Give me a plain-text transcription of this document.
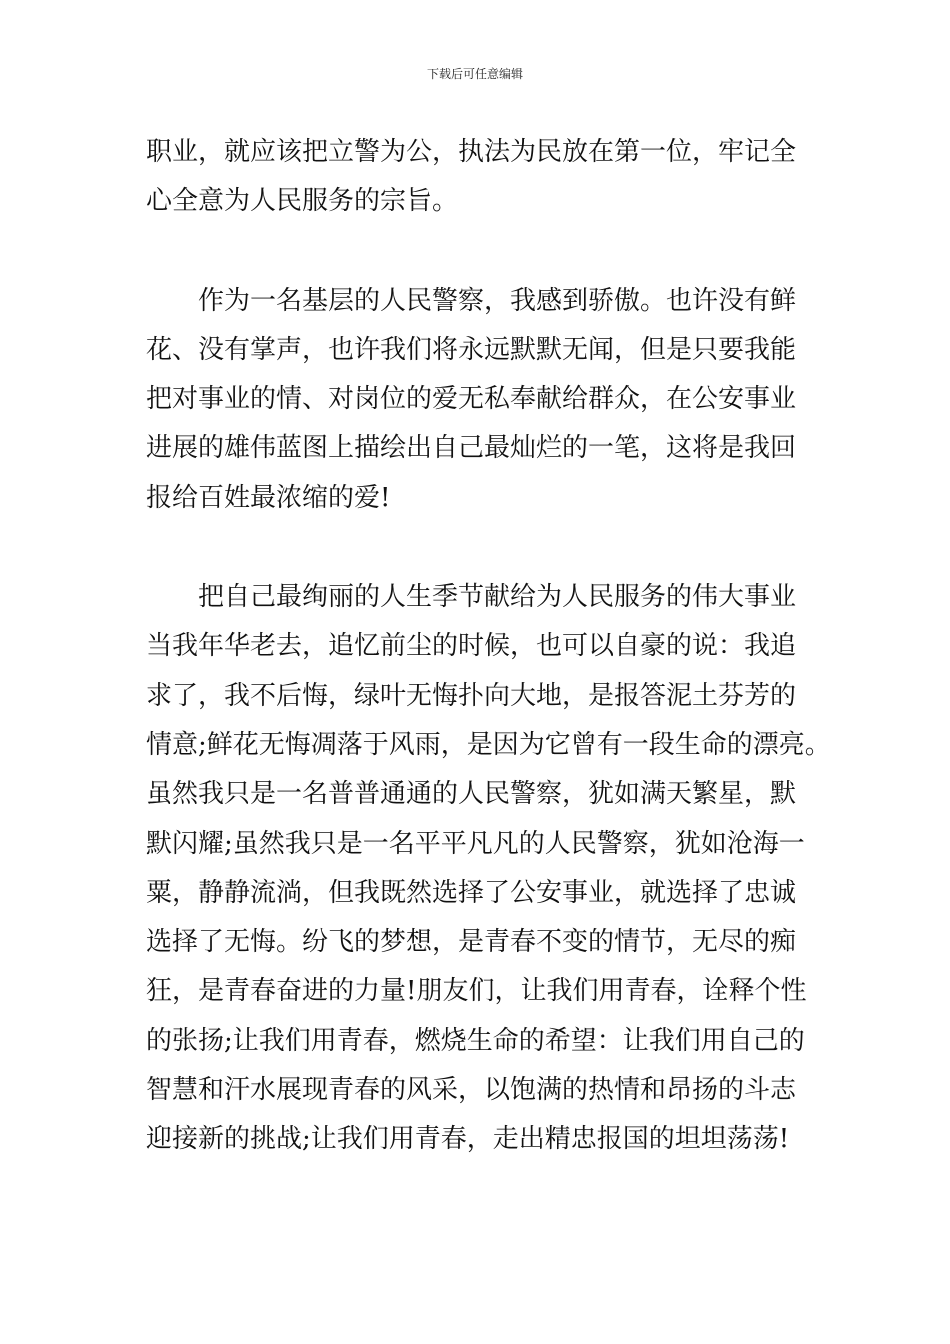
下载后可任意编辑
职业，就应该把立警为公，执法为民放在第一位，牢记全
心全意为人民服务的宗旨。
作为一名基层的人民警察，我感到骄傲。也许没有鲜
花、没有掌声，也许我们将永远默默无闻，但是只要我能
把对事业的情、对岗位的爱无私奉献给群众，在公安事业
进展的雄伟蓝图上描绘出自己最灿烂的一笔，这将是我回
报给百姓最浓缩的爱!
把自己最绚丽的人生季节献给为人民服务的伟大事业
当我年华老去，追忆前尘的时候，也可以自豪的说：我追
求了，我不后悔，绿叶无悔扑向大地，是报答泥土芬芳的
情意;鲜花无悔凋落于风雨，是因为它曾有一段生命的漂亮。
虽然我只是一名普普通通的人民警察，犹如满天繁星，默
默闪耀;虽然我只是一名平平凡凡的人民警察，犹如沧海一
粟，静静流淌，但我既然选择了公安事业，就选择了忠诚
选择了无悔。纷飞的梦想，是青春不变的情节，无尽的痴
狂，是青春奋进的力量!朋友们，让我们用青春，诠释个性
的张扬;让我们用青春，燃烧生命的希望：让我们用自己的
智慧和汗水展现青春的风采，以饱满的热情和昂扬的斗志
迎接新的挑战;让我们用青春，走出精忠报国的坦坦荡荡!
